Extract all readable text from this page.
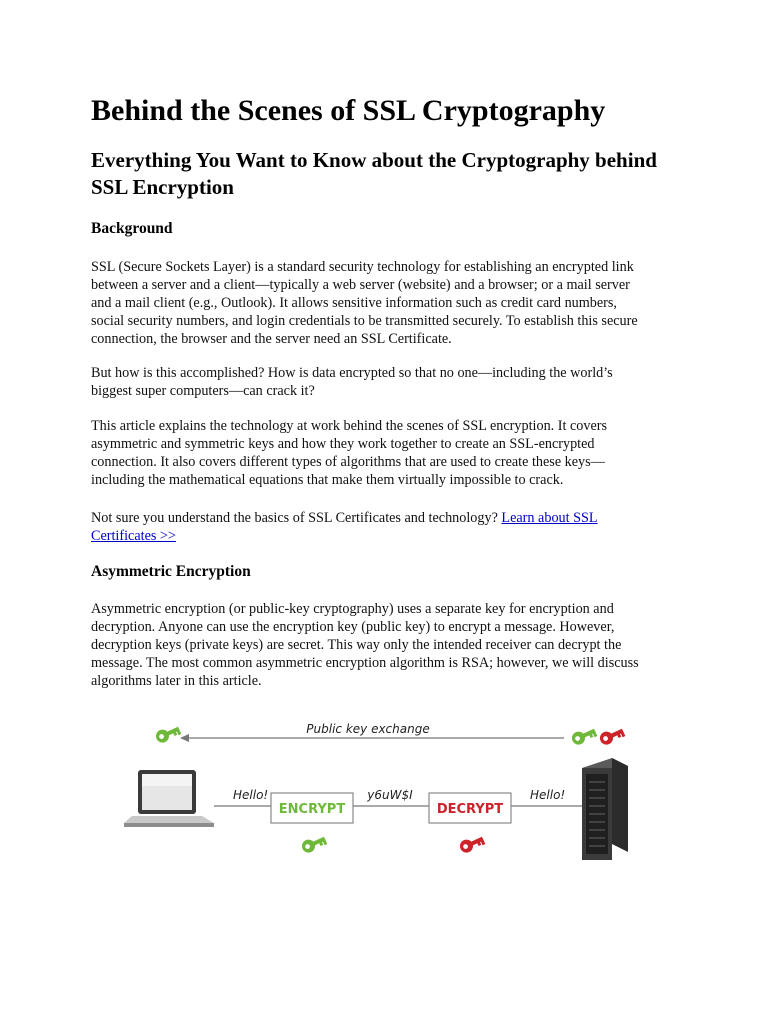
Behind the Scenes of SSL Cryptography
Everything You Want to Know about the Cryptography behind SSL Encryption
Background

SSL (Secure Sockets Layer) is a standard security technology for establishing an encrypted link between a server and a client—typically a web server (website) and a browser; or a mail server and a mail client (e.g., Outlook). It allows sensitive information such as credit card numbers, social security numbers, and login credentials to be transmitted securely. To establish this secure connection, the browser and the server need an SSL Certificate.

But how is this accomplished? How is data encrypted so that no one—including the world’s biggest super computers—can crack it?

This article explains the technology at work behind the scenes of SSL encryption. It covers asymmetric and symmetric keys and how they work together to create an SSL-encrypted connection. It also covers different types of algorithms that are used to create these keys—including the mathematical equations that make them virtually impossible to crack.

Not sure you understand the basics of SSL Certificates and technology? Learn about SSL Certificates >>

Asymmetric Encryption

Asymmetric encryption (or public-key cryptography) uses a separate key for encryption and decryption. Anyone can use the encryption key (public key) to encrypt a message. However, decryption keys (private keys) are secret. This way only the intended receiver can decrypt the message. The most common asymmetric encryption algorithm is RSA; however, we will discuss algorithms later in this article.

Public key exchange
Hello!
ENCRYPT
y6uW$I
DECRYPT
Hello!
